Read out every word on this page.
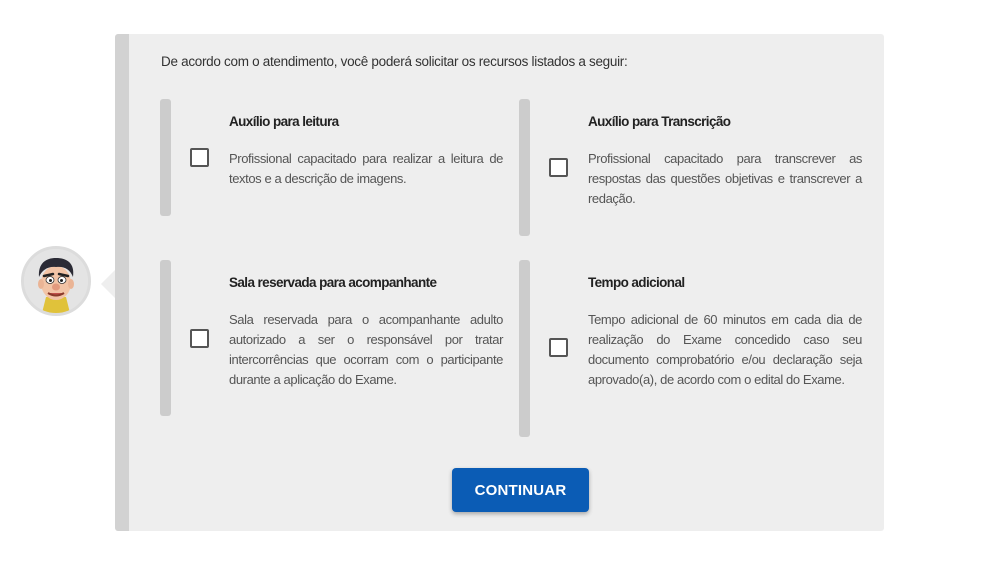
De acordo com o atendimento, você poderá solicitar os recursos listados a seguir:
Auxílio para leitura
Profissional capacitado para realizar a leitura de textos e a descrição de imagens.
Auxílio para Transcrição
Profissional capacitado para transcrever as respostas das questões objetivas e transcrever a redação.
Sala reservada para acompanhante
Sala reservada para o acompanhante adulto autorizado a ser o responsável por tratar intercorrências que ocorram com o participante durante a aplicação do Exame.
Tempo adicional
Tempo adicional de 60 minutos em cada dia de realização do Exame concedido caso seu documento comprobatório e/ou declaração seja aprovado(a), de acordo com o edital do Exame.
CONTINUAR
